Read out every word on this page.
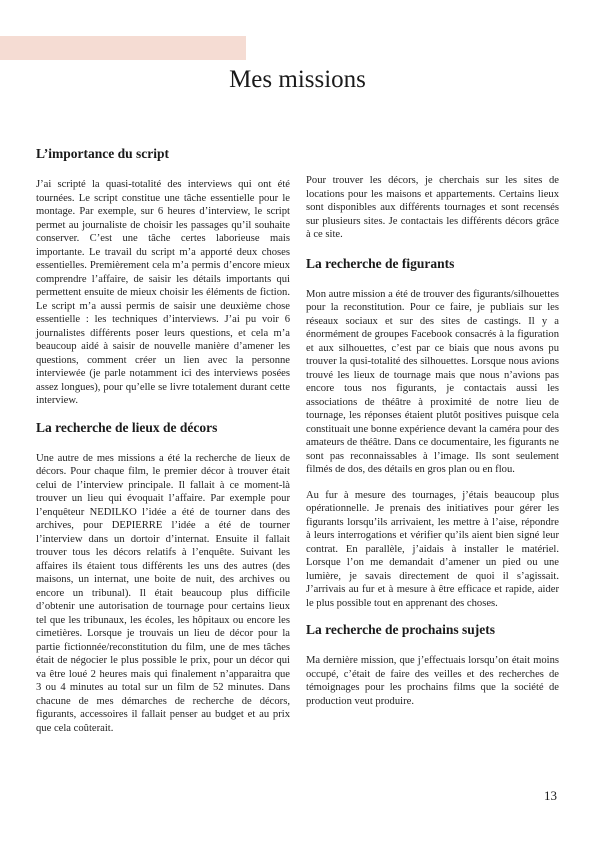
Mes missions
L’importance du script

J’ai scripté la quasi-totalité des interviews qui ont été tournées. Le script constitue une tâche essentielle pour le montage. Par exemple, sur 6 heures d’interview, le script permet au journaliste de choisir les passages qu’il souhaite conserver. C’est une tâche certes laborieuse mais importante. Le travail du script m’a apporté deux choses essentielles. Premièrement cela m’a permis d’encore mieux comprendre l’affaire, de saisir les détails importants qui permettent ensuite de mieux choisir les éléments de fiction. Le script m’a aussi permis de saisir une deuxième chose essentielle : les techniques d’interviews. J’ai pu voir 6 journalistes différents poser leurs questions, et cela m’a beaucoup aidé à saisir de nouvelle manière d’amener les questions, comment créer un lien avec la personne interviewée (je parle notamment ici des interviews posées assez longues), pour qu’elle se livre totalement durant cette interview.

La recherche de lieux de décors

Une autre de mes missions a été la recherche de lieux de décors. Pour chaque film, le premier décor à trouver était celui de l’interview principale. Il fallait à ce moment-là trouver un lieu qui évoquait l’affaire. Par exemple pour l’enquêteur NEDILKO l’idée a été de tourner dans des archives, pour DEPIERRE l’idée a été de tourner l’interview dans un dortoir d’internat. Ensuite il fallait trouver tous les décors relatifs à l’enquête. Suivant les affaires ils étaient tous différents les uns des autres (des maisons, un internat, une boite de nuit, des archives ou encore un tribunal). Il était beaucoup plus difficile d’obtenir une autorisation de tournage pour certains lieux tel que les tribunaux, les écoles, les hôpitaux ou encore les cimetières. Lorsque je trouvais un lieu de décor pour la partie fictionnée/reconstitution du film, une de mes tâches était de négocier le plus possible le prix, pour un décor qui va être loué 2 heures mais qui finalement n’apparaitra que 3 ou 4 minutes au total sur un film de 52 minutes. Dans chacune de mes démarches de recherche de décors, figurants, accessoires il fallait penser au budget et au prix que cela coûterait.

Pour trouver les décors, je cherchais sur les sites de locations pour les maisons et appartements. Certains lieux sont disponibles aux différents tournages et sont recensés sur plusieurs sites. Je contactais les différents décors grâce à ce site.

La recherche de figurants

Mon autre mission a été de trouver des figurants/silhouettes pour la reconstitution. Pour ce faire, je publiais sur les réseaux sociaux et sur des sites de castings. Il y a énormément de groupes Facebook consacrés à la figuration et aux silhouettes, c’est par ce biais que nous avons pu trouver la qusi-totalité des silhouettes. Lorsque nous avions trouvé les lieux de tournage mais que nous n’avions pas encore tous nos figurants, je contactais aussi les associations de théâtre à proximité de notre lieu de tournage, les réponses étaient plutôt positives puisque cela constituait une bonne expérience devant la caméra pour des amateurs de théâtre. Dans ce documentaire, les figurants ne sont pas reconnaissables à l’image. Ils sont seulement filmés de dos, des détails en gros plan ou en flou.

Au fur à mesure des tournages, j’étais beaucoup plus opérationnelle. Je prenais des initiatives pour gérer les figurants lorsqu’ils arrivaient, les mettre à l’aise, répondre à leurs interrogations et vérifier qu’ils aient bien signé leur contrat. En parallèle, j’aidais à installer le matériel. Lorsque l’on me demandait d’amener un pied ou une lumière, je savais directement de quoi il s’agissait. J’arrivais au fur et à mesure à être efficace et rapide, aider le plus possible tout en apprenant des choses.

La recherche de prochains sujets

Ma dernière mission, que j’effectuais lorsqu’on était moins occupé, c’était de faire des veilles et des recherches de témoignages pour les prochains films que la société de production veut produire.

13
